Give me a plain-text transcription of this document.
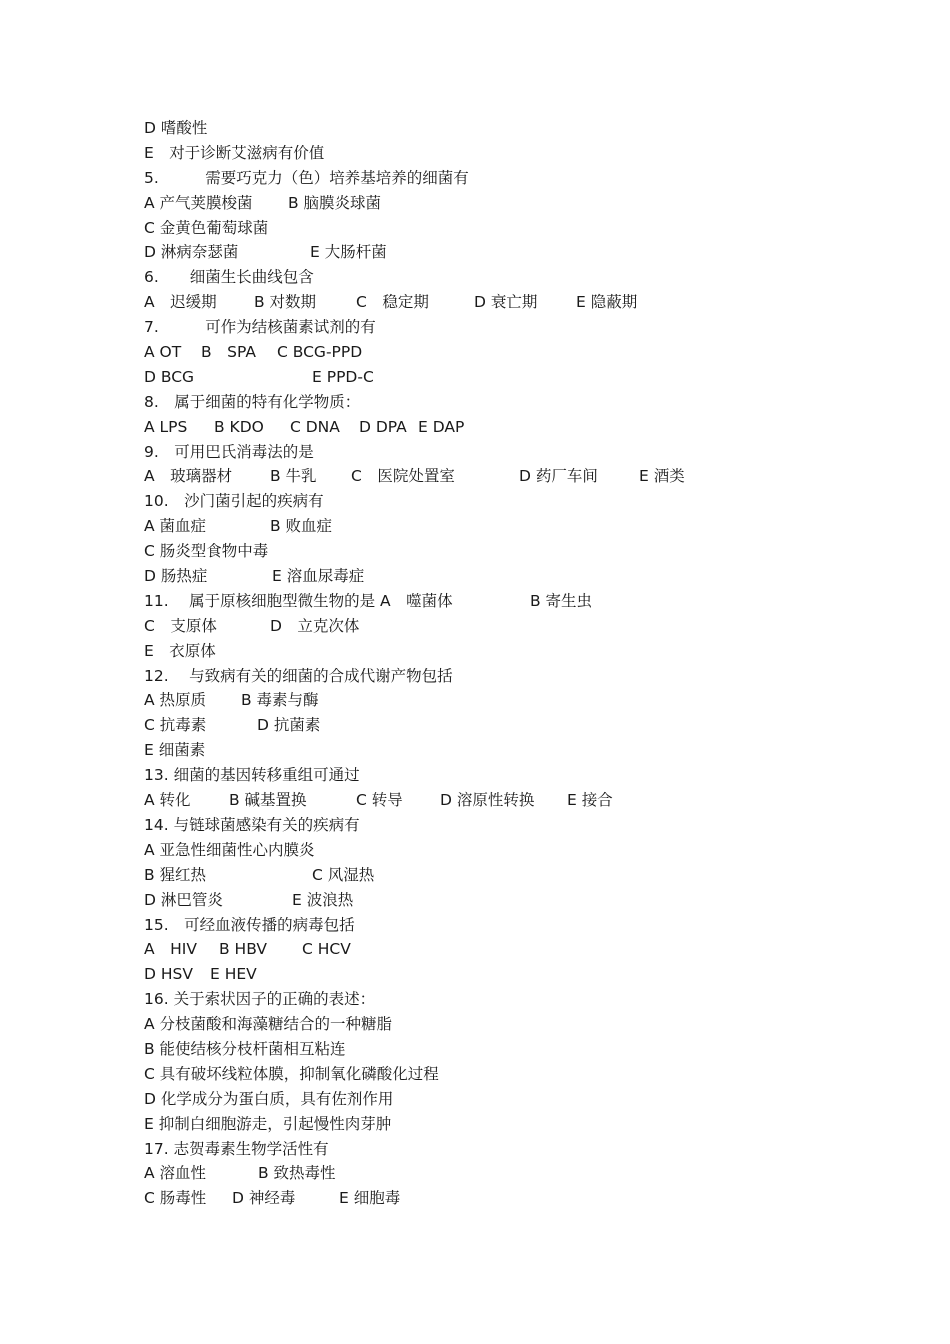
D 嗜酸性
E　对于诊断艾滋病有价值
5.　　　需要巧克力（色）培养基培养的细菌有
A 产气荚膜梭菌 B 脑膜炎球菌
C 金黄色葡萄球菌
D 淋病奈瑟菌	E 大肠杆菌
6.　　细菌生长曲线包含
A　迟缓期 B 对数期	C　稳定期	D 衰亡期 E 隐蔽期
7.　　　可作为结核菌素试剂的有
A OT B　SPA C BCG-PPD
D BCG	E PPD-C
8.　属于细菌的特有化学物质：
A LPS B KDO C DNA D DPA E DAP
9.　可用巴氏消毒法的是
A　玻璃器材 B 牛乳 C　医院处置室	D 药厂车间	E 酒类
10.　沙门菌引起的疾病有
A 菌血症	B 败血症
C 肠炎型食物中毒
D 肠热症	E 溶血尿毒症
11.　 属于原核细胞型微生物的是 A　噬菌体	B 寄生虫
C　支原体	D　立克次体
E　衣原体
12.　 与致病有关的细菌的合成代谢产物包括
A 热原质 B 毒素与酶
C 抗毒素	D 抗菌素
E 细菌素
13. 细菌的基因转移重组可通过
A 转化 B 碱基置换	C 转导 D 溶原性转换 E 接合
14. 与链球菌感染有关的疾病有
A 亚急性细菌性心内膜炎
B 猩红热	C 风湿热
D 淋巴管炎	E 波浪热
15.　可经血液传播的病毒包括
A　HIV B HBV C HCV
D HSV E HEV
16. 关于索状因子的正确的表述：
A 分枝菌酸和海藻糖结合的一种糖脂
B 能使结核分枝杆菌相互粘连
C 具有破坏线粒体膜，抑制氧化磷酸化过程
D 化学成分为蛋白质，具有佐剂作用
E 抑制白细胞游走，引起慢性肉芽肿
17. 志贺毒素生物学活性有
A 溶血性	B 致热毒性
C 肠毒性 D 神经毒	E 细胞毒
